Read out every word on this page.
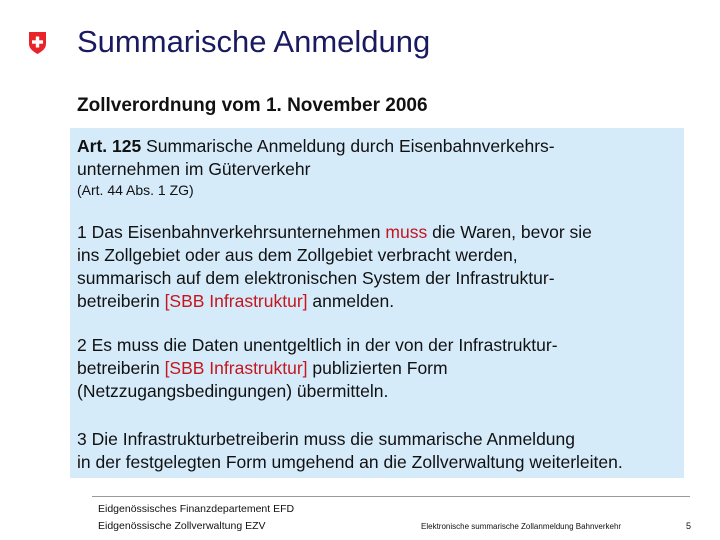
Summarische Anmeldung
Zollverordnung vom 1. November 2006
Art. 125 Summarische Anmeldung durch Eisenbahnverkehrs-
unternehmen im Güterverkehr
(Art. 44 Abs. 1 ZG)
1 Das Eisenbahnverkehrsunternehmen muss die Waren, bevor sie
ins Zollgebiet oder aus dem Zollgebiet verbracht werden,
summarisch auf dem elektronischen System der Infrastruktur-
betreiberin [SBB Infrastruktur] anmelden.
2 Es muss die Daten unentgeltlich in der von der Infrastruktur-
betreiberin [SBB Infrastruktur] publizierten Form
(Netzzugangsbedingungen) übermitteln.
3 Die Infrastrukturbetreiberin muss die summarische Anmeldung
in der festgelegten Form umgehend an die Zollverwaltung weiterleiten.
Eidgenössisches Finanzdepartement EFD
Eidgenössische Zollverwaltung EZV	Elektronische summarische Zollanmeldung Bahnverkehr	5
